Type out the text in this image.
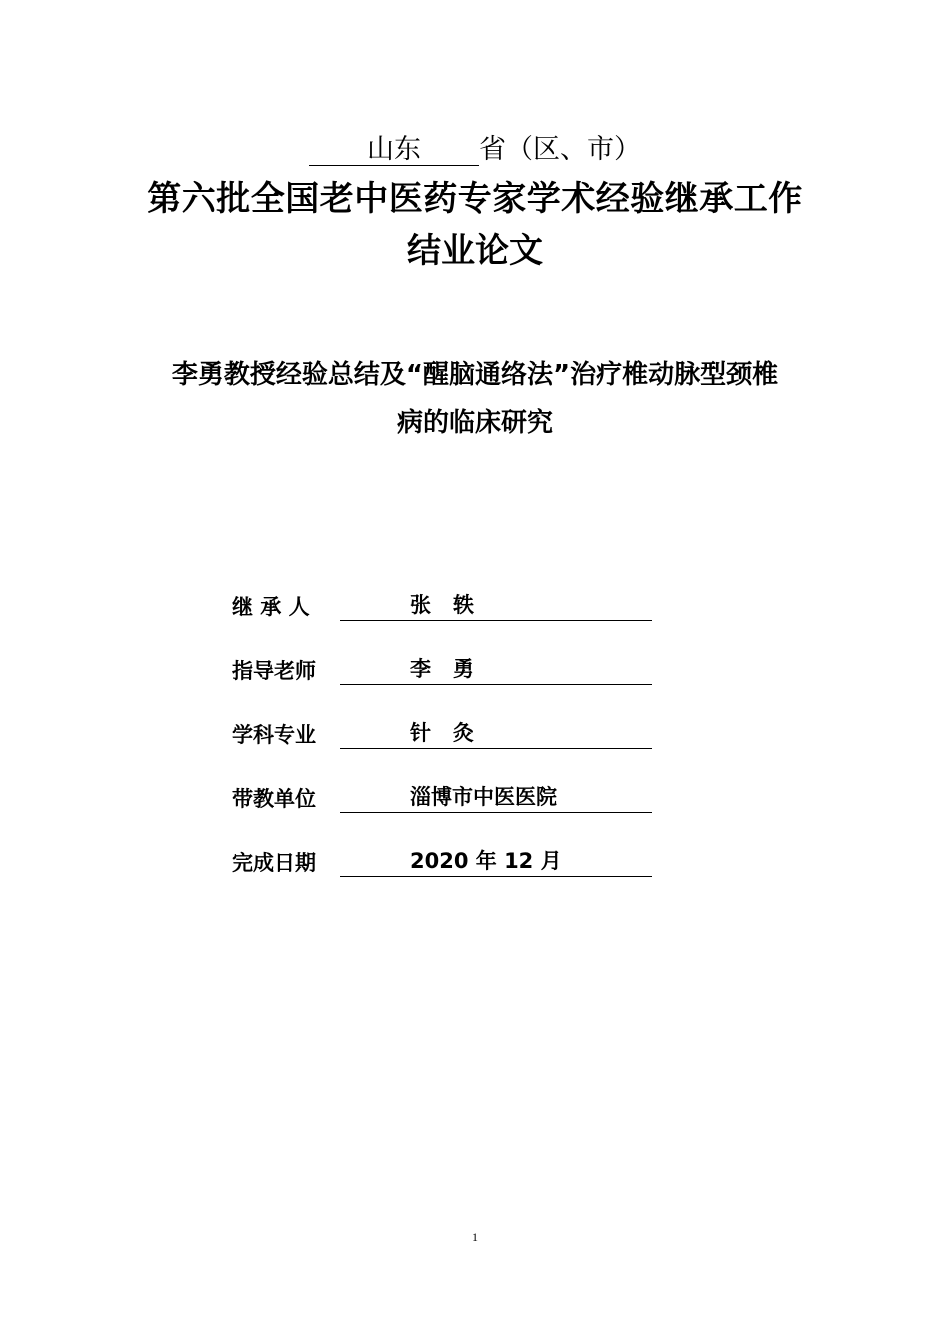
山东 省（区、市）
第六批全国老中医药专家学术经验继承工作
结业论文
李勇教授经验总结及“醒脑通络法”治疗椎动脉型颈椎
病的临床研究
继 承 人	张   轶
指导老师	李   勇
学科专业	针   灸
带教单位	淄博市中医医院
完成日期	2020 年 12 月
1
